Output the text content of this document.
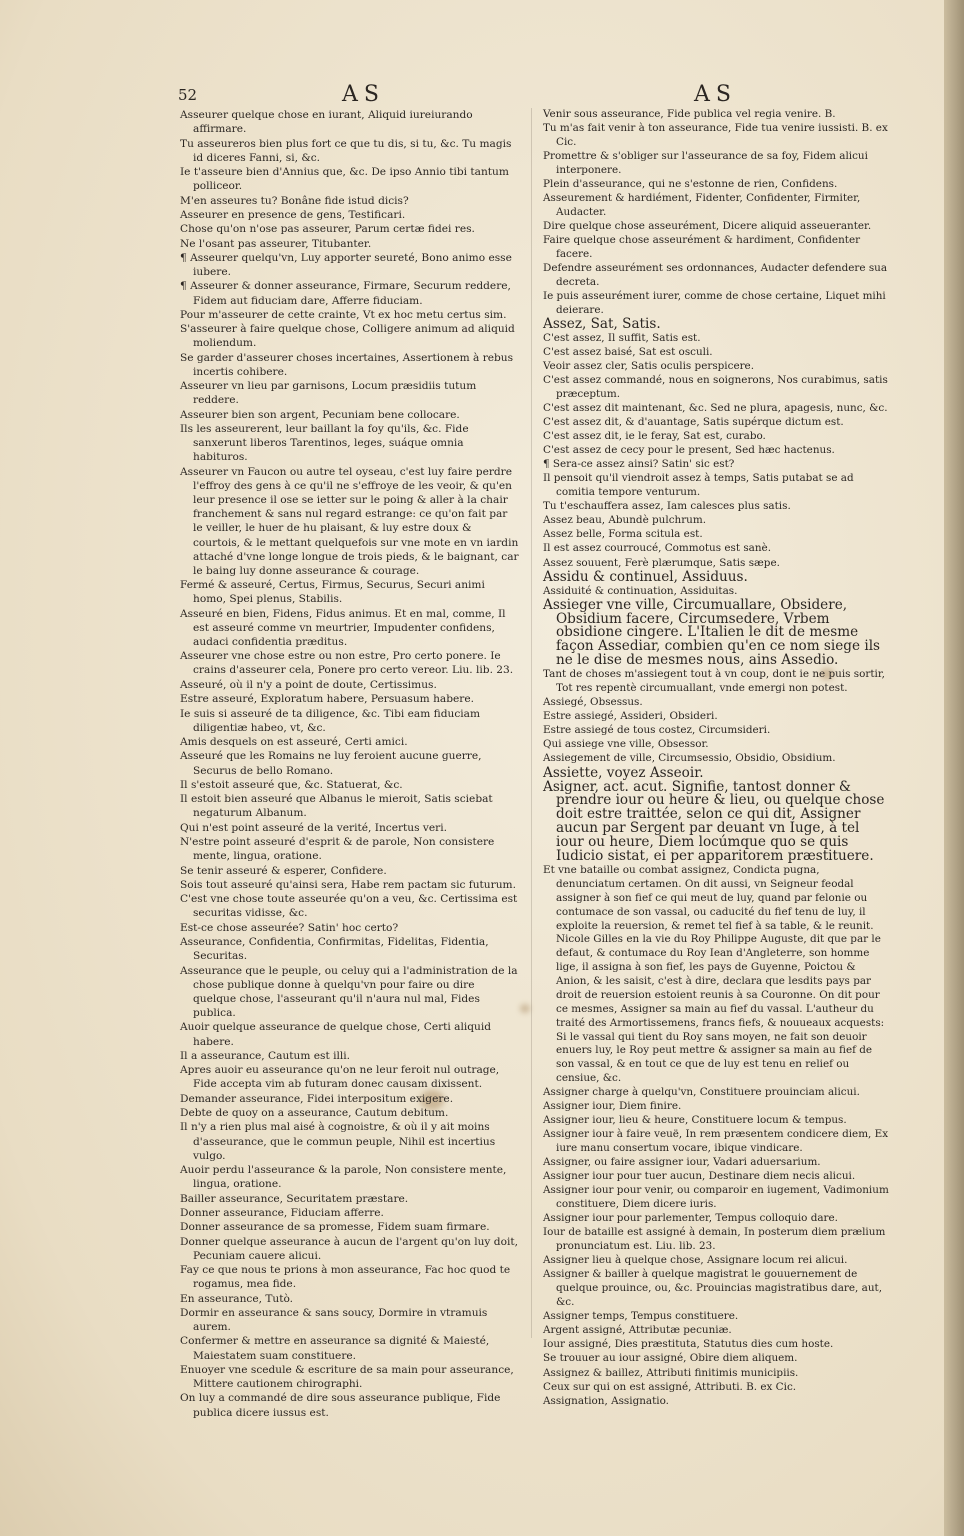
52	AS	AS
Asseurer quelque chose en iurant, Aliquid iureiurando affirmare.
Tu asseureros bien plus fort ce que tu dis, si tu, &c. Tu magis id diceres Fanni, si, &c.
Ie t'asseure bien d'Annius que, &c. De ipso Annio tibi tantum polliceor.
M'en asseures tu? Bonâne fide istud dicis?
Asseurer en presence de gens, Testificari.
Chose qu'on n'ose pas asseurer, Parum certæ fidei res.
Ne l'osant pas asseurer, Titubanter.
¶ Asseurer quelqu'vn, Luy apporter seureté, Bono animo esse iubere.
¶ Asseurer & donner asseurance, Firmare, Securum reddere, Fidem aut fiduciam dare, Afferre fiduciam.
Pour m'asseurer de cette crainte, Vt ex hoc metu certus sim.
S'asseurer à faire quelque chose, Colligere animum ad aliquid moliendum.
Se garder d'asseurer choses incertaines, Assertionem à rebus incertis cohibere.
Asseurer vn lieu par garnisons, Locum præsidiis tutum reddere.
Asseurer bien son argent, Pecuniam bene collocare.
Ils les asseurerent, leur baillant la foy qu'ils, &c. Fide sanxerunt liberos Tarentinos, leges, suáque omnia habituros.
Asseurer vn Faucon ou autre tel oyseau, c'est luy faire perdre l'effroy des gens à ce qu'il ne s'effroye de les veoir, & qu'en leur presence il ose se ietter sur le poing & aller à la chair franchement & sans nul regard estrange: ce qu'on fait par le veiller, le huer de hu plaisant, & luy estre doux & courtois, & le mettant quelquefois sur vne mote en vn iardin attaché d'vne longe longue de trois pieds, & le baignant, car le baing luy donne asseurance & courage.
Fermé & asseuré, Certus, Firmus, Securus, Securi animi homo, Spei plenus, Stabilis.
Asseuré en bien, Fidens, Fidus animus. Et en mal, comme, Il est asseuré comme vn meurtrier, Impudenter confidens, audaci confidentia præditus.
Asseurer vne chose estre ou non estre, Pro certo ponere. Ie crains d'asseurer cela, Ponere pro certo vereor. Liu. lib. 23.
Asseuré, où il n'y a point de doute, Certissimus.
Estre asseuré, Exploratum habere, Persuasum habere.
Ie suis si asseuré de ta diligence, &c. Tibi eam fiduciam diligentiæ habeo, vt, &c.
Amis desquels on est asseuré, Certi amici.
Asseuré que les Romains ne luy feroient aucune guerre, Securus de bello Romano.
Il s'estoit asseuré que, &c. Statuerat, &c.
Il estoit bien asseuré que Albanus le mieroit, Satis sciebat negaturum Albanum.
Qui n'est point asseuré de la verité, Incertus veri.
N'estre point asseuré d'esprit & de parole, Non consistere mente, lingua, oratione.
Se tenir asseuré & esperer, Confidere.
Sois tout asseuré qu'ainsi sera, Habe rem pactam sic futurum.
C'est vne chose toute asseurée qu'on a veu, &c. Certissima est securitas vidisse, &c.
Est-ce chose asseurée? Satin' hoc certo?
Asseurance, Confidentia, Confirmitas, Fidelitas, Fidentia, Securitas.
Asseurance que le peuple, ou celuy qui a l'administration de la chose publique donne à quelqu'vn pour faire ou dire quelque chose, l'asseurant qu'il n'aura nul mal, Fides publica.
Auoir quelque asseurance de quelque chose, Certi aliquid habere.
Il a asseurance, Cautum est illi.
Apres auoir eu asseurance qu'on ne leur feroit nul outrage, Fide accepta vim ab futuram donec causam dixissent.
Demander asseurance, Fidei interpositum exigere.
Debte de quoy on a asseurance, Cautum debitum.
Il n'y a rien plus mal aisé à cognoistre, & où il y ait moins d'asseurance, que le commun peuple, Nihil est incertius vulgo.
Auoir perdu l'asseurance & la parole, Non consistere mente, lingua, oratione.
Bailler asseurance, Securitatem præstare.
Donner asseurance, Fiduciam afferre.
Donner asseurance de sa promesse, Fidem suam firmare.
Donner quelque asseurance à aucun de l'argent qu'on luy doit, Pecuniam cauere alicui.
Fay ce que nous te prions à mon asseurance, Fac hoc quod te rogamus, mea fide.
En asseurance, Tutò.
Dormir en asseurance & sans soucy, Dormire in vtramuis aurem.
Confermer & mettre en asseurance sa dignité & Maiesté, Maiestatem suam constituere.
Enuoyer vne scedule & escriture de sa main pour asseurance, Mittere cautionem chirographi.
On luy a commandé de dire sous asseurance publique, Fide publica dicere iussus est.
Venir sous asseurance, Fide publica vel regia venire. B.
Tu m'as fait venir à ton asseurance, Fide tua venire iussisti. B. ex Cic.
Promettre & s'obliger sur l'asseurance de sa foy, Fidem alicui interponere.
Plein d'asseurance, qui ne s'estonne de rien, Confidens.
Asseurement & hardiément, Fidenter, Confidenter, Firmiter, Audacter.
Dire quelque chose asseurément, Dicere aliquid asseueranter.
Faire quelque chose asseurément & hardiment, Confidenter facere.
Defendre asseurément ses ordonnances, Audacter defendere sua decreta.
Ie puis asseurément iurer, comme de chose certaine, Liquet mihi deierare.
Assez, Sat, Satis.
C'est assez, Il suffit, Satis est.
C'est assez baisé, Sat est osculi.
Veoir assez cler, Satis oculis perspicere.
C'est assez commandé, nous en soignerons, Nos curabimus, satis præceptum.
C'est assez dit maintenant, &c. Sed ne plura, apagesis, nunc, &c.
C'est assez dit, & d'auantage, Satis supérque dictum est.
C'est assez dit, ie le feray, Sat est, curabo.
C'est assez de cecy pour le present, Sed hæc hactenus.
¶ Sera-ce assez ainsi? Satin' sic est?
Il pensoit qu'il viendroit assez à temps, Satis putabat se ad comitia tempore venturum.
Tu t'eschauffera assez, Iam calesces plus satis.
Assez beau, Abundè pulchrum.
Assez belle, Forma scitula est.
Il est assez courroucé, Commotus est sanè.
Assez souuent, Ferè plærumque, Satis sæpe.
Assidu & continuel, Assiduus.
Assiduité & continuation, Assiduitas.
Assieger vne ville, Circumuallare, Obsidere, Obsidium facere, Circumsedere, Vrbem obsidione cingere. L'Italien le dit de mesme façon Assediar, combien qu'en ce nom siege ils ne le dise de mesmes nous, ains Assedio.
Tant de choses m'assiegent tout à vn coup, dont ie ne puis sortir, Tot res repentè circumuallant, vnde emergi non potest.
Assiegé, Obsessus.
Estre assiegé, Assideri, Obsideri.
Estre assiegé de tous costez, Circumsideri.
Qui assiege vne ville, Obsessor.
Assiegement de ville, Circumsessio, Obsidio, Obsidium.
Assiette, voyez Asseoir.
Asigner, act. acut. Signifie, tantost donner & prendre iour ou heure & lieu, ou quelque chose doit estre traittée, selon ce qui dit, Assigner aucun par Sergent par deuant vn Iuge, à tel iour ou heure, Diem locúmque quo se quis Iudicio sistat, ei per apparitorem præstituere.
Et vne bataille ou combat assignez, Condicta pugna, denunciatum certamen. On dit aussi, vn Seigneur feodal assigner à son fief ce qui meut de luy, quand par felonie ou contumace de son vassal, ou caducité du fief tenu de luy, il exploite la reuersion, & remet tel fief à sa table, & le reunit. Nicole Gilles en la vie du Roy Philippe Auguste, dit que par le defaut, & contumace du Roy Iean d'Angleterre, son homme lige, il assigna à son fief, les pays de Guyenne, Poictou & Anion, & les saisit, c'est à dire, declara que lesdits pays par droit de reuersion estoient reunis à sa Couronne. On dit pour ce mesmes, Assigner sa main au fief du vassal. L'autheur du traité des Armortissemens, francs fiefs, & nouueaux acquests: Si le vassal qui tient du Roy sans moyen, ne fait son deuoir enuers luy, le Roy peut mettre & assigner sa main au fief de son vassal, & en tout ce que de luy est tenu en relief ou censiue, &c.
Assigner charge à quelqu'vn, Constituere prouinciam alicui.
Assigner iour, Diem finire.
Assigner iour, lieu & heure, Constituere locum & tempus.
Assigner iour à faire veuë, In rem præsentem condicere diem, Ex iure manu consertum vocare, ibique vindicare.
Assigner, ou faire assigner iour, Vadari aduersarium.
Assigner iour pour tuer aucun, Destinare diem necis alicui.
Assigner iour pour venir, ou comparoir en iugement, Vadimonium constituere, Diem dicere iuris.
Assigner iour pour parlementer, Tempus colloquio dare.
Iour de bataille est assigné à demain, In posterum diem prælium pronunciatum est. Liu. lib. 23.
Assigner lieu à quelque chose, Assignare locum rei alicui.
Assigner & bailler à quelque magistrat le gouuernement de quelque prouince, ou, &c. Prouincias magistratibus dare, aut, &c.
Assigner temps, Tempus constituere.
Argent assigné, Attributæ pecuniæ.
Iour assigné, Dies præstituta, Statutus dies cum hoste.
Se trouuer au iour assigné, Obire diem aliquem.
Assignez & baillez, Attributi finitimis municipiis.
Ceux sur qui on est assigné, Attributi. B. ex Cic.
Assignation, Assignatio.
